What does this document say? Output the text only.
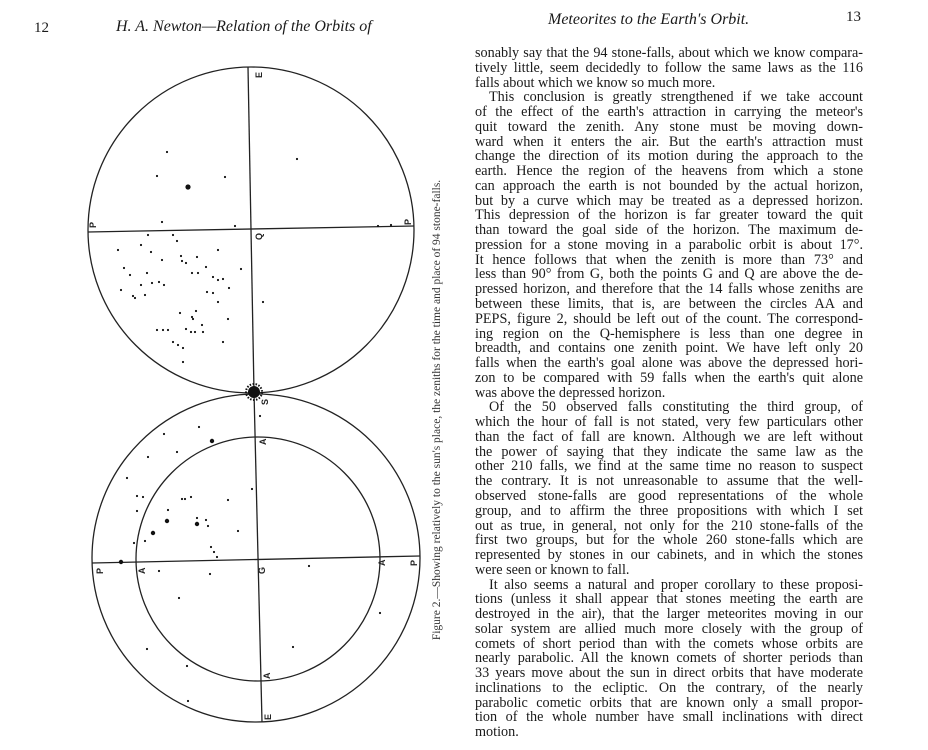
12	H. A. Newton—Relation of the Orbits of	Meteorites to the Earth's Orbit.	13
E
P	P
Q
S
A
P	A	G
A P
A
E
Figure 2.—Showing relatively to the sun's place, the zeniths for the time and place of 94 stone-falls.
sonably say that the 94 stone-falls, about which we know compara-
tively little, seem decidedly to follow the same laws as the 116
falls about which we know so much more.
This conclusion is greatly strengthened if we take account
of the effect of the earth's attraction in carrying the meteor's
quit toward the zenith. Any stone must be moving down-
ward when it enters the air. But the earth's attraction must
change the direction of its motion during the approach to the
earth. Hence the region of the heavens from which a stone
can approach the earth is not bounded by the actual horizon,
but by a curve which may be treated as a depressed horizon.
This depression of the horizon is far greater toward the quit
than toward the goal side of the horizon. The maximum de-
pression for a stone moving in a parabolic orbit is about 17°.
It hence follows that when the zenith is more than 73° and
less than 90° from G, both the points G and Q are above the de-
pressed horizon, and therefore that the 14 falls whose zeniths are
between these limits, that is, are between the circles AA and
PEPS, figure 2, should be left out of the count. The correspond-
ing region on the Q-hemisphere is less than one degree in
breadth, and contains one zenith point. We have left only 20
falls when the earth's goal alone was above the depressed hori-
zon to be compared with 59 falls when the earth's quit alone
was above the depressed horizon.
Of the 50 observed falls constituting the third group, of
which the hour of fall is not stated, very few particulars other
than the fact of fall are known. Although we are left without
the power of saying that they indicate the same law as the
other 210 falls, we find at the same time no reason to suspect
the contrary. It is not unreasonable to assume that the well-
observed stone-falls are good representations of the whole
group, and to affirm the three propositions with which I set
out as true, in general, not only for the 210 stone-falls of the
first two groups, but for the whole 260 stone-falls which are
represented by stones in our cabinets, and in which the stones
were seen or known to fall.
It also seems a natural and proper corollary to these proposi-
tions (unless it shall appear that stones meeting the earth are
destroyed in the air), that the larger meteorites moving in our
solar system are allied much more closely with the group of
comets of short period than with the comets whose orbits are
nearly parabolic. All the known comets of shorter periods than
33 years move about the sun in direct orbits that have moderate
inclinations to the ecliptic. On the contrary, of the nearly
parabolic cometic orbits that are known only a small propor-
tion of the whole number have small inclinations with direct
motion.
